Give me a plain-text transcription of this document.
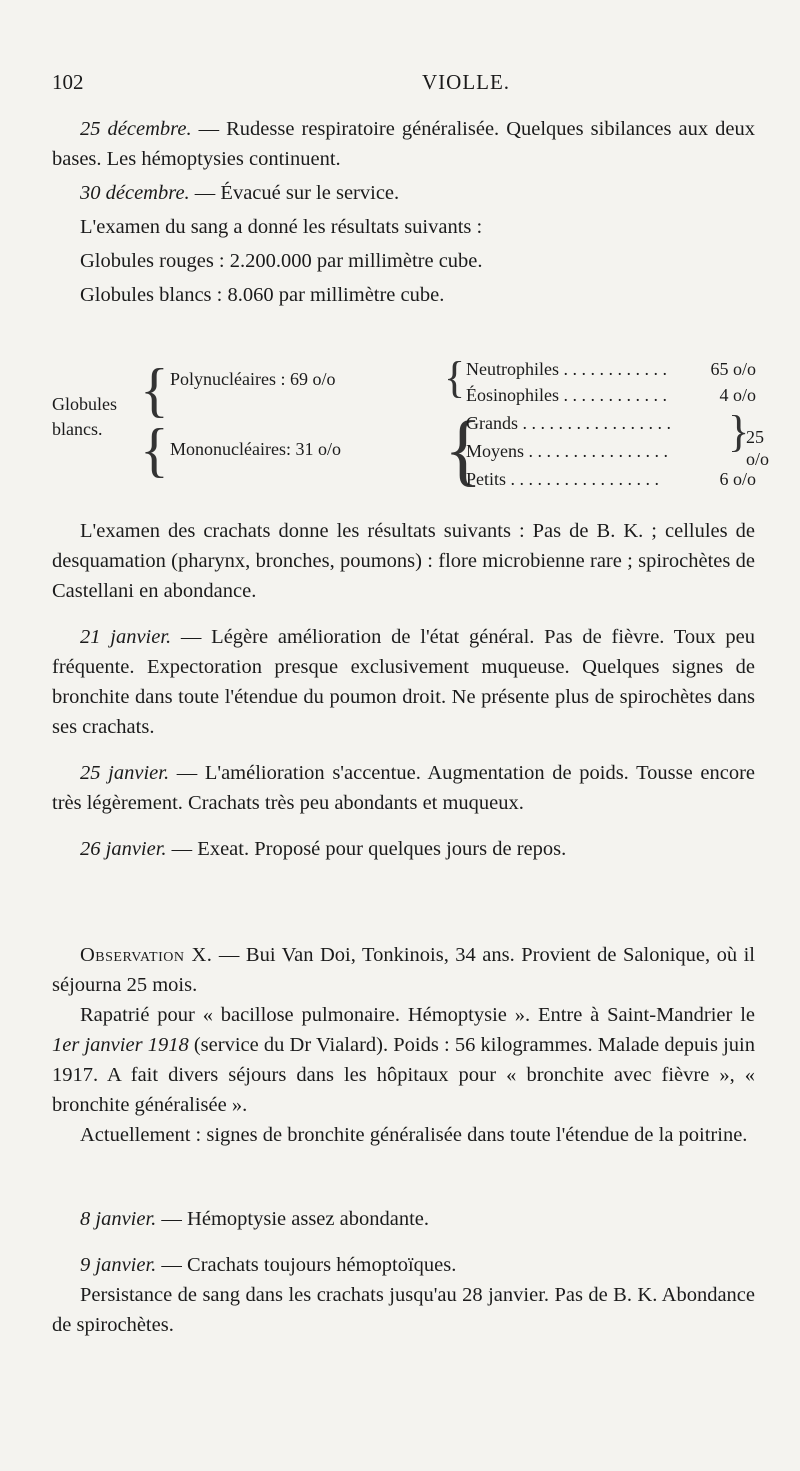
102	VIOLLE.

25 décembre. — Rudesse respiratoire généralisée. Quelques sibilances aux deux bases. Les hémoptysies continuent.

30 décembre. — Évacué sur le service.

L'examen du sang a donné les résultats suivants :

Globules rouges : 2.200.000 par millimètre cube.

Globules blancs : 8.060 par millimètre cube.

Globules blancs.
{
{
Polynucléaires : 69 o/o
Mononucléaires: 31 o/o
{
{
Neutrophiles . . . . . . . . . . . . 65 o/o
Éosinophiles . . . . . . . . . . . .	4 o/o
Grands . . . . . . . . . . . . . . . . .
Moyens . . . . . . . . . . . . . . . . }
25 o/o
Petits . . . . . . . . . . . . . . . . .	6 o/o

L'examen des crachats donne les résultats suivants : Pas de B. K. ; cellules de desquamation (pharynx, bronches, poumons) : flore microbienne rare ; spirochètes de Castellani en abondance.

21 janvier. — Légère amélioration de l'état général. Pas de fièvre. Toux peu fréquente. Expectoration presque exclusivement muqueuse. Quelques signes de bronchite dans toute l'étendue du poumon droit. Ne présente plus de spirochètes dans ses crachats.

25 janvier. — L'amélioration s'accentue. Augmentation de poids. Tousse encore très légèrement. Crachats très peu abondants et muqueux.

26 janvier. — Exeat. Proposé pour quelques jours de repos.

Observation X. — Bui Van Doi, Tonkinois, 34 ans. Provient de Salonique, où il séjourna 25 mois.

Rapatrié pour « bacillose pulmonaire. Hémoptysie ». Entre à Saint-Mandrier le 1er janvier 1918 (service du Dr Vialard). Poids : 56 kilogrammes. Malade depuis juin 1917. A fait divers séjours dans les hôpitaux pour « bronchite avec fièvre », « bronchite généralisée ».

Actuellement : signes de bronchite généralisée dans toute l'étendue de la poitrine.

8 janvier. — Hémoptysie assez abondante.

9 janvier. — Crachats toujours hémoptoïques.

Persistance de sang dans les crachats jusqu'au 28 janvier. Pas de B. K. Abondance de spirochètes.
